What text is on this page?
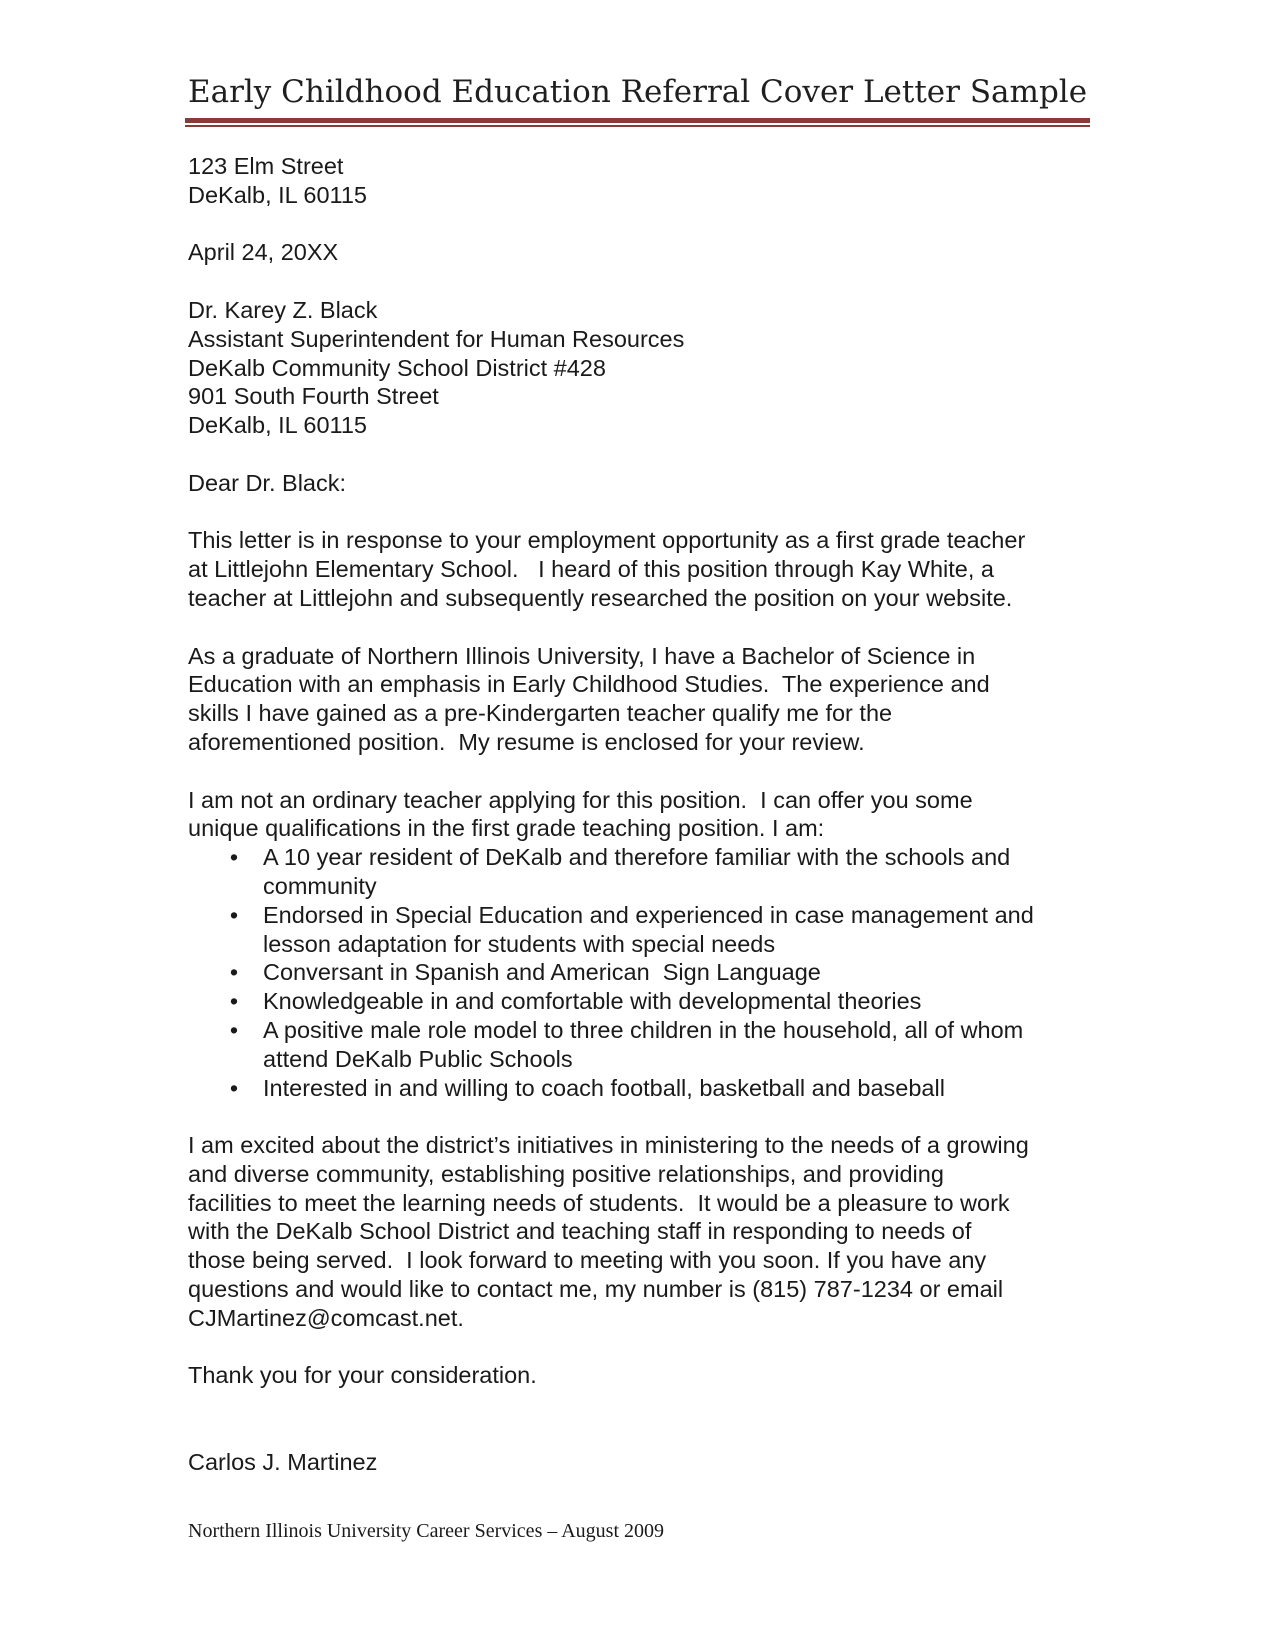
Early Childhood Education Referral Cover Letter Sample
123 Elm Street
DeKalb, IL 60115
April 24, 20XX
Dr. Karey Z. Black
Assistant Superintendent for Human Resources
DeKalb Community School District #428
901 South Fourth Street
DeKalb, IL 60115
Dear Dr. Black:
This letter is in response to your employment opportunity as a first grade teacher
at Littlejohn Elementary School.   I heard of this position through Kay White, a
teacher at Littlejohn and subsequently researched the position on your website.
As a graduate of Northern Illinois University, I have a Bachelor of Science in
Education with an emphasis in Early Childhood Studies.  The experience and
skills I have gained as a pre-Kindergarten teacher qualify me for the
aforementioned position.  My resume is enclosed for your review.
I am not an ordinary teacher applying for this position.  I can offer you some
unique qualifications in the first grade teaching position. I am:
• A 10 year resident of DeKalb and therefore familiar with the schools and
community
• Endorsed in Special Education and experienced in case management and
lesson adaptation for students with special needs
• Conversant in Spanish and American  Sign Language
• Knowledgeable in and comfortable with developmental theories
• A positive male role model to three children in the household, all of whom
attend DeKalb Public Schools
• Interested in and willing to coach football, basketball and baseball
I am excited about the district’s initiatives in ministering to the needs of a growing
and diverse community, establishing positive relationships, and providing
facilities to meet the learning needs of students.  It would be a pleasure to work
with the DeKalb School District and teaching staff in responding to needs of
those being served.  I look forward to meeting with you soon. If you have any
questions and would like to contact me, my number is (815) 787-1234 or email
CJMartinez@comcast.net.
Thank you for your consideration.
Carlos J. Martinez
Northern Illinois University Career Services – August 2009
